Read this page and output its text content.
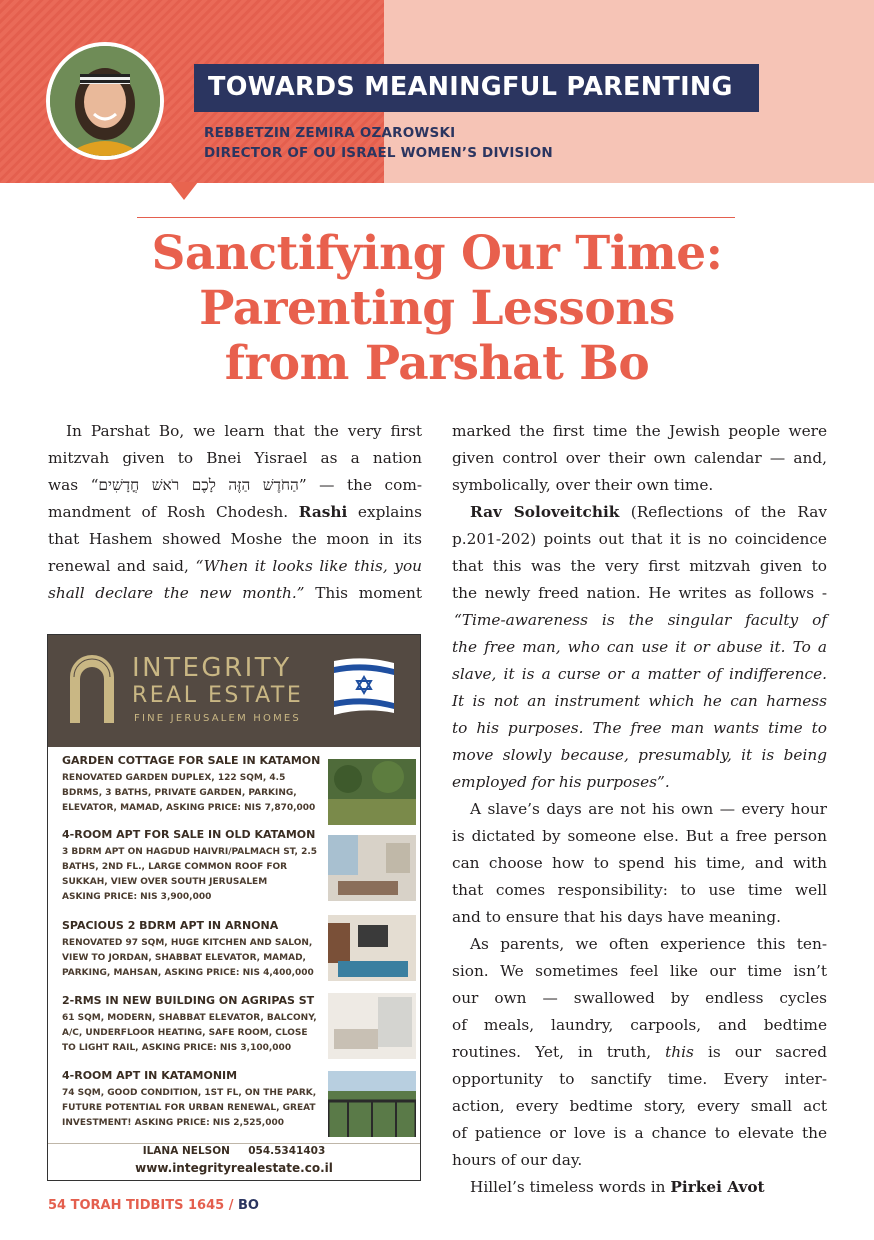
TOWARDS MEANINGFUL PARENTING
REBBETZIN ZEMIRA OZAROWSKI
DIRECTOR OF OU ISRAEL WOMEN’S DIVISION
Sanctifying Our Time:
Parenting Lessons
from Parshat Bo
In Parshat Bo, we learn that the very first
mitzvah given to Bnei Yisrael as a nation
was “הַחֹדֶשׁ הַזֶּה לָכֶם רֹאשׁ חֳדָשִׁים” — the com-
mandment of Rosh Chodesh. Rashi explains
that Hashem showed Moshe the moon in its
renewal and said, “When it looks like this, you
shall declare the new month.” This moment
marked the first time the Jewish people were
given control over their own calendar — and,
symbolically, over their own time.
Rav Soloveitchik (Reflections of the Rav
p.201-202) points out that it is no coincidence
that this was the very first mitzvah given to
the newly freed nation. He writes as follows -
“Time-awareness is the singular faculty of
the free man, who can use it or abuse it. To a
slave, it is a curse or a matter of indifference.
It is not an instrument which he can harness
to his purposes. The free man wants time to
move slowly because, presumably, it is being
employed for his purposes”.
A slave’s days are not his own — every hour
is dictated by someone else. But a free person
can choose how to spend his time, and with
that comes responsibility: to use time well
and to ensure that his days have meaning.
As parents, we often experience this ten-
sion. We sometimes feel like our time isn’t
our own — swallowed by endless cycles
of meals, laundry, carpools, and bedtime
routines. Yet, in truth, this is our sacred
opportunity to sanctify time. Every inter-
action, every bedtime story, every small act
of patience or love is a chance to elevate the
hours of our day.
Hillel’s timeless words in Pirkei Avot
INTEGRITY
REAL ESTATE
FINE JERUSALEM HOMES
GARDEN COTTAGE FOR SALE IN KATAMON
RENOVATED GARDEN DUPLEX, 122 SQM, 4.5
BDRMS, 3 BATHS, PRIVATE GARDEN, PARKING,
ELEVATOR, MAMAD, ASKING PRICE: NIS 7,870,000
4-ROOM APT FOR SALE IN OLD KATAMON
3 BDRM APT ON HAGDUD HAIVRI/PALMACH ST, 2.5
BATHS, 2ND FL., LARGE COMMON ROOF FOR
SUKKAH, VIEW OVER SOUTH JERUSALEM
ASKING PRICE: NIS 3,900,000
SPACIOUS 2 BDRM APT IN ARNONA
RENOVATED 97 SQM, HUGE KITCHEN AND SALON,
VIEW TO JORDAN, SHABBAT ELEVATOR, MAMAD,
PARKING, MAHSAN, ASKING PRICE: NIS 4,400,000
2-RMS IN NEW BUILDING ON AGRIPAS ST
61 SQM, MODERN, SHABBAT ELEVATOR, BALCONY,
A/C, UNDERFLOOR HEATING, SAFE ROOM, CLOSE
TO LIGHT RAIL, ASKING PRICE: NIS 3,100,000
4-ROOM APT IN KATAMONIM
74 SQM, GOOD CONDITION, 1ST FL, ON THE PARK,
FUTURE POTENTIAL FOR URBAN RENEWAL, GREAT
INVESTMENT! ASKING PRICE: NIS 2,525,000
ILANA NELSON 054.5341403
www.integrityrealestate.co.il
54 TORAH TIDBITS 1645 / BO
